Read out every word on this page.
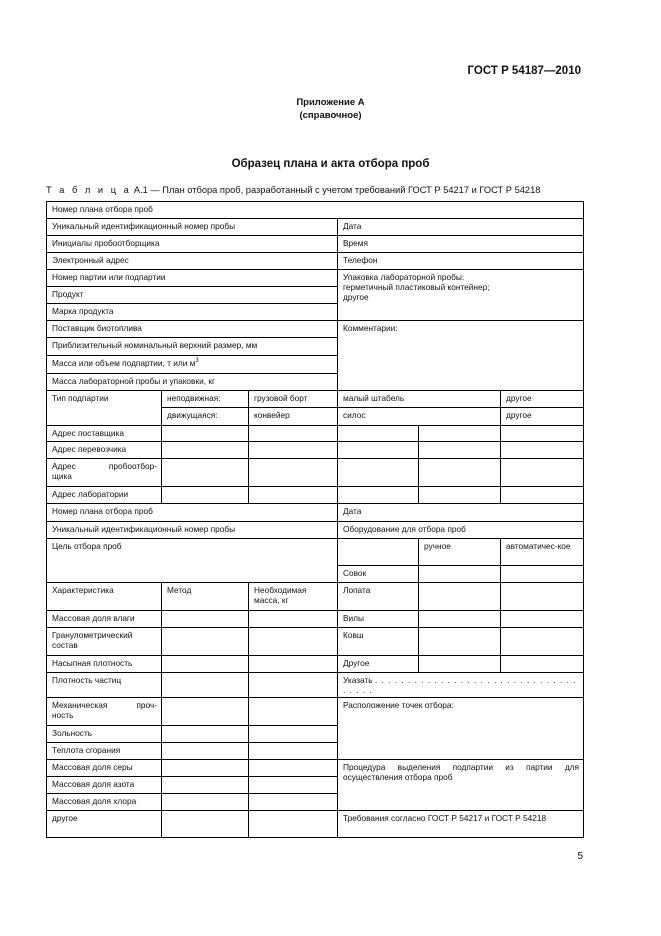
ГОСТ Р 54187—2010
Приложение А
(справочное)
Образец плана и акта отбора проб
Т а б л и ц а А.1 — План отбора проб, разработанный с учетом требований ГОСТ Р 54217 и ГОСТ Р 54218
Номер плана отбора проб					
Уникальный идентификационный номер пробы			Дата		
Инициалы пробоотборщика			Время		
Электронный адрес			Телефон		
Номер партии или подпартии			Упаковка лабораторной пробы:
герметичный пластиковый контейнер;
другое		

Продукт					
Марка продукта					
Поставщик биотоплива			Комментарии:		
Приблизительный номинальный верхний размер, мм					
Масса или объем подпартии, т или $м^3$
Масса лабораторной пробы и упаковки, кг					
Тип подпартии	неподвижная:	грузовой борт	малый штабель		другое
	движущаяся:	конвейер	силос		другое
Адрес поставщика					
Адрес перевозчика					

Адрес пробоотбор-
щика					
Адрес лаборатории					
Номер плана отбора проб			Дата		
Уникальный идентификационный номер пробы			Оборудование для отбора проб		
Цель отбора проб				ручное	автоматичес-кое
			Совок		
Характеристика	Метод	Необходимая масса, кг	Лопата		
Массовая доля влаги			Вилы		
Гранулометрический состав			Ковш		
Насыпная плотность			Другое		
Плотность частиц			Указать . . . . . . . . . . . . . . . . . . . . . . . . . . . . . . . . . . . .		

Механическая проч-
ность			Расположение точек отбора:		
Зольность					
Теплота сгорания					
Массовая доля серы			Процедура выделения подпартии из партии для осуществления отбора проб		

Массовая доля азота					
Массовая доля хлора					
другое			Требования согласно ГОСТ Р 54217 и ГОСТ Р 54218		
5
